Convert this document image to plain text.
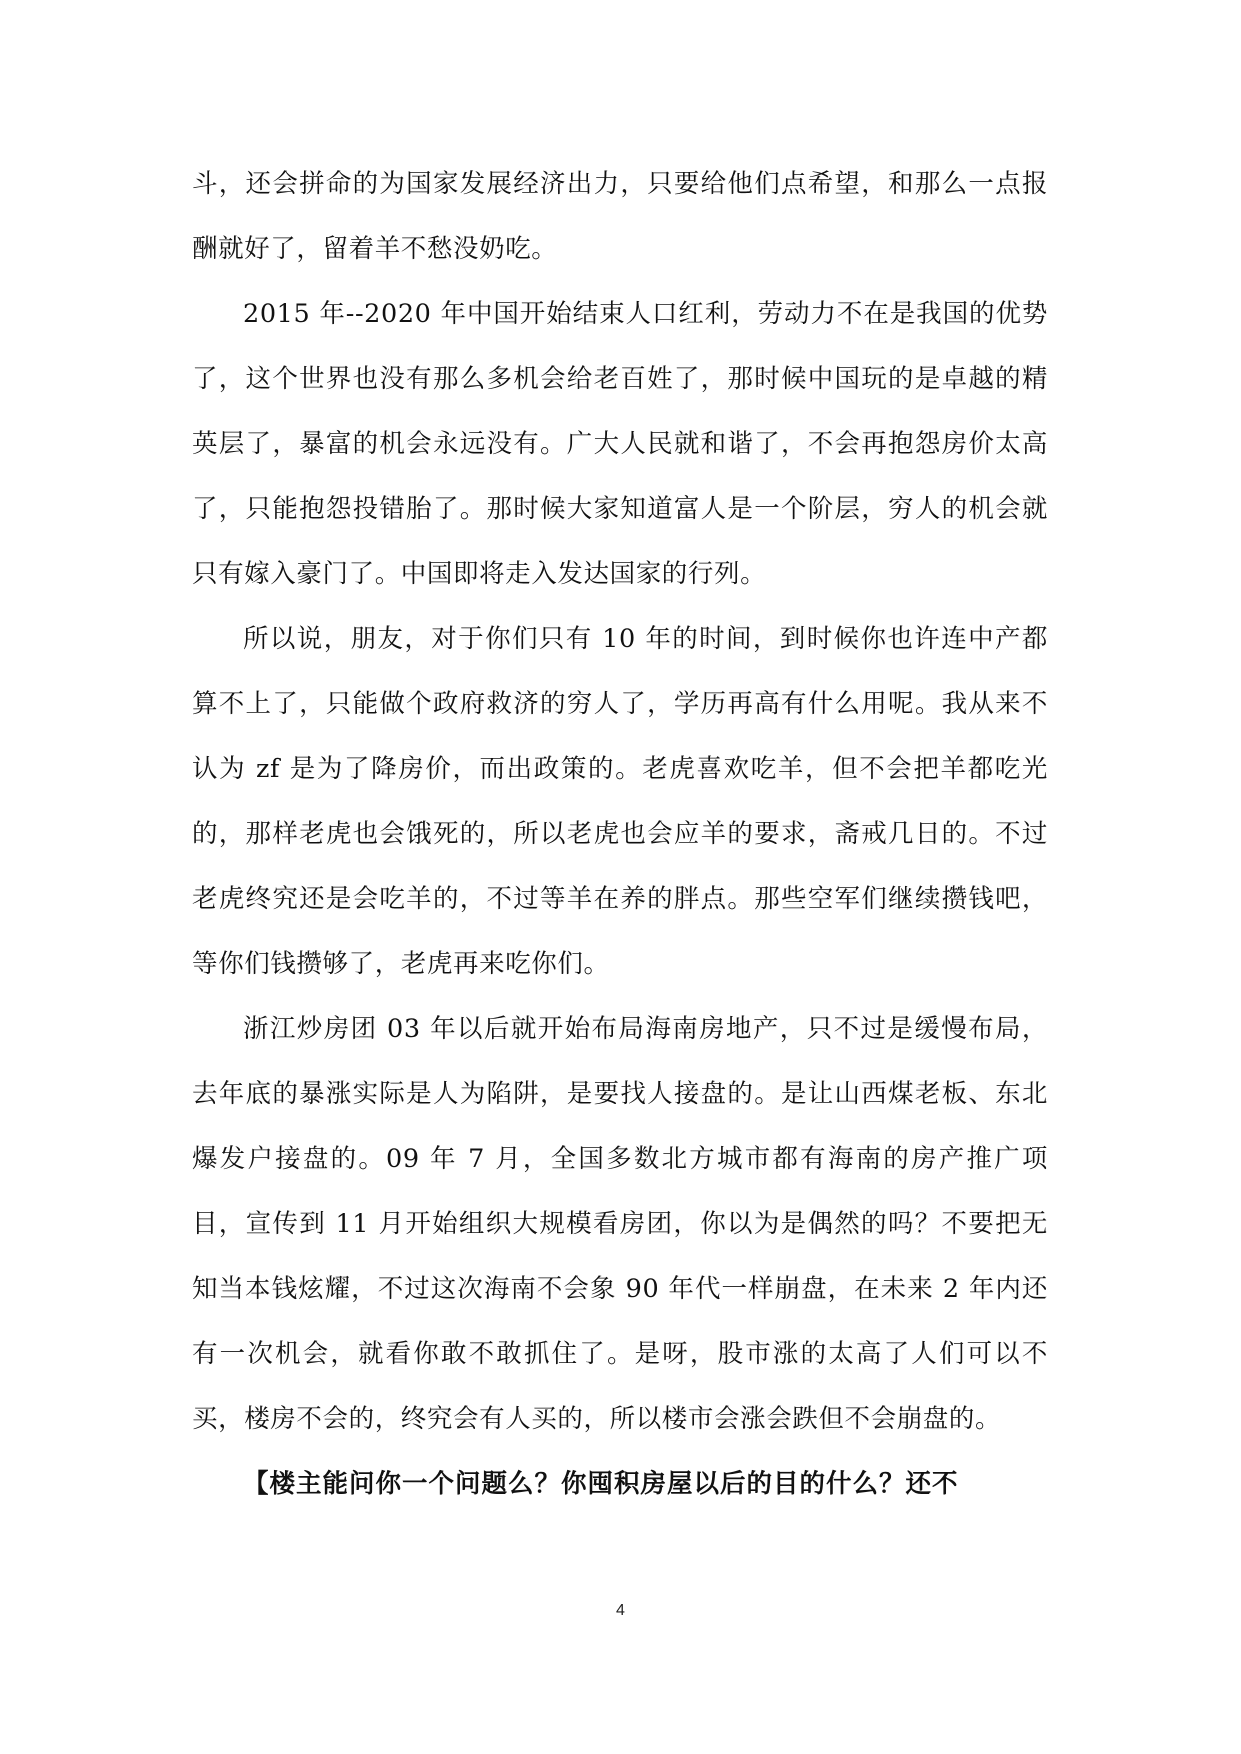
斗，还会拼命的为国家发展经济出力，只要给他们点希望，和那么一点报酬就好了，留着羊不愁没奶吃。

2015 年--2020 年中国开始结束人口红利，劳动力不在是我国的优势了，这个世界也没有那么多机会给老百姓了，那时候中国玩的是卓越的精英层了，暴富的机会永远没有。广大人民就和谐了，不会再抱怨房价太高了，只能抱怨投错胎了。那时候大家知道富人是一个阶层，穷人的机会就只有嫁入豪门了。中国即将走入发达国家的行列。

所以说，朋友，对于你们只有 10 年的时间，到时候你也许连中产都算不上了，只能做个政府救济的穷人了，学历再高有什么用呢。我从来不认为 zf 是为了降房价，而出政策的。老虎喜欢吃羊，但不会把羊都吃光的，那样老虎也会饿死的，所以老虎也会应羊的要求，斋戒几日的。不过老虎终究还是会吃羊的，不过等羊在养的胖点。那些空军们继续攒钱吧，等你们钱攒够了，老虎再来吃你们。

浙江炒房团 03 年以后就开始布局海南房地产，只不过是缓慢布局，去年底的暴涨实际是人为陷阱，是要找人接盘的。是让山西煤老板、东北爆发户接盘的。09 年 7 月，全国多数北方城市都有海南的房产推广项目，宣传到 11 月开始组织大规模看房团，你以为是偶然的吗？不要把无知当本钱炫耀，不过这次海南不会象 90 年代一样崩盘，在未来 2 年内还有一次机会，就看你敢不敢抓住了。是呀，股市涨的太高了人们可以不买，楼房不会的，终究会有人买的，所以楼市会涨会跌但不会崩盘的。

【楼主能问你一个问题么？你囤积房屋以后的目的什么？还不

4
